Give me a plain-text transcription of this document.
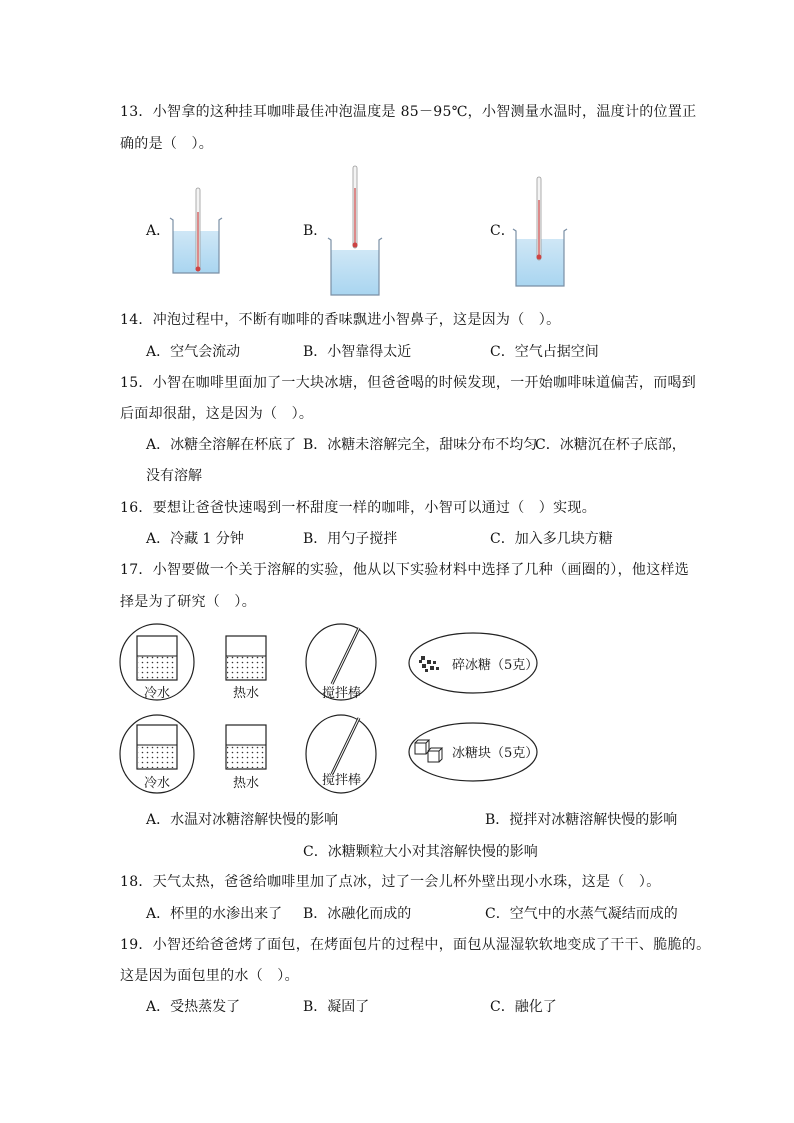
13．小智拿的这种挂耳咖啡最佳冲泡温度是 85－95℃，小智测量水温时，温度计的位置正
确的是（　）。
A．	B．	C．
14．冲泡过程中，不断有咖啡的香味飘进小智鼻子，这是因为（　）。
A．空气会流动	B．小智靠得太近	C．空气占据空间
15．小智在咖啡里面加了一大块冰塘，但爸爸喝的时候发现，一开始咖啡味道偏苦，而喝到
后面却很甜，这是因为（　）。
A．冰糖全溶解在杯底了 B．冰糖未溶解完全，甜味分布不均匀
C．冰糖沉在杯子底部，
没有溶解
16．要想让爸爸快速喝到一杯甜度一样的咖啡，小智可以通过（　）实现。
A．冷藏 1 分钟	B．用勺子搅拌	C．加入多几块方糖
17．小智要做一个关于溶解的实验，他从以下实验材料中选择了几种（画圈的），他这样选
择是为了研究（　）。
冷水	热水	搅拌棒
碎冰糖（5克）
冷水	热水	搅拌棒
冰糖块（5克）
A．水温对冰糖溶解快慢的影响	B．搅拌对冰糖溶解快慢的影响
C．冰糖颗粒大小对其溶解快慢的影响
18．天气太热，爸爸给咖啡里加了点冰，过了一会儿杯外壁出现小水珠，这是（　）。
A．杯里的水渗出来了 B．冰融化而成的	C．空气中的水蒸气凝结而成的
19．小智还给爸爸烤了面包，在烤面包片的过程中，面包从湿湿软软地变成了干干、脆脆的。
这是因为面包里的水（　）。
A．受热蒸发了	B．凝固了	C．融化了
